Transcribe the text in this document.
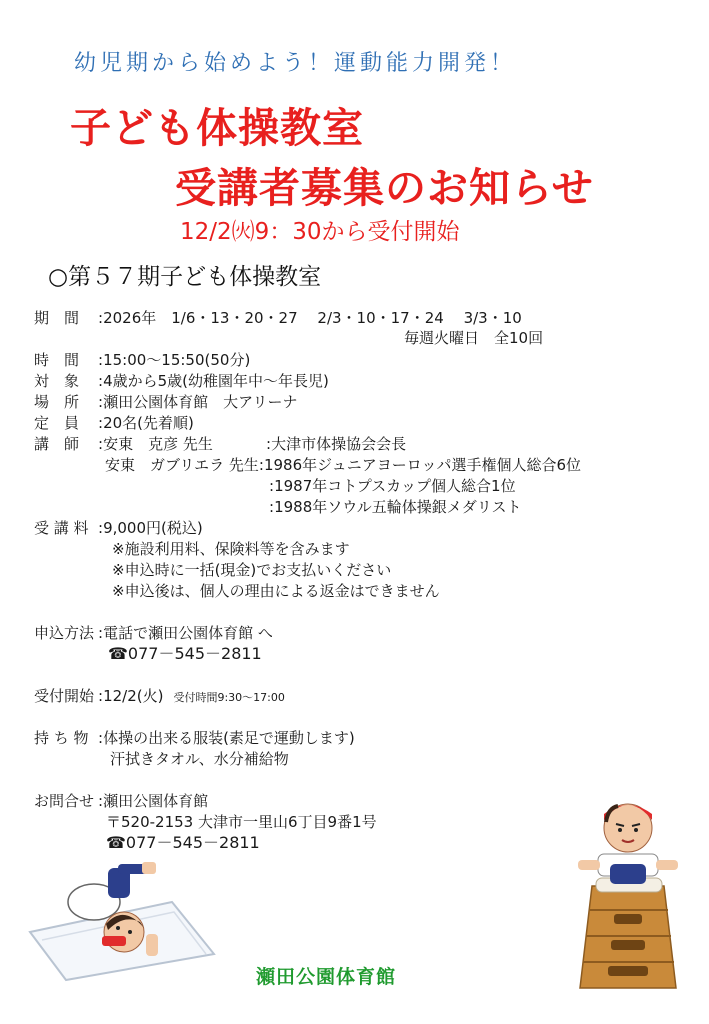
幼児期から始めよう！運動能力開発！
子ども体操教室
受講者募集のお知らせ
12/2㈫9：30から受付開始
○第５７期子ども体操教室
期　間 :2026年　1/6・13・20・27　 2/3・10・17・24　 3/3・10
毎週火曜日　全10回
時　間 :15:00～15:50(50分)
対　象 :4歳から5歳(幼稚園年中～年長児)
場　所 :瀬田公園体育館　大アリーナ
定　員 :20名(先着順)
講　師 :安東　克彦 先生	:大津市体操協会会長
安東　ガブリエラ 先生:1986年ジュニアヨーロッパ選手権個人総合6位
:1987年コトプスカップ個人総合1位
:1988年ソウル五輪体操銀メダリスト
受 講 料 :9,000円(税込)
※施設利用料、保険料等を含みます
※申込時に一括(現金)でお支払いください
※申込後は、個人の理由による返金はできません
申込方法 :電話で瀬田公園体育館 へ
☎077－545－2811
受付開始 :12/2(火) 受付時間9:30～17:00
持 ち 物 :体操の出来る服装(素足で運動します)
汗拭きタオル、水分補給物
お問合せ :瀬田公園体育館
〒520-2153 大津市一里山6丁目9番1号
☎077－545－2811
瀬田公園体育館
